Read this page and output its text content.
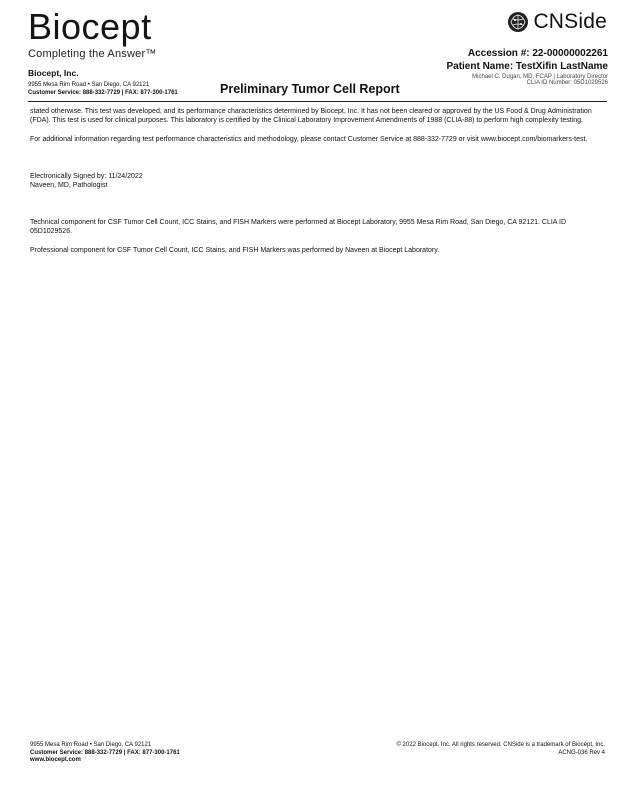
Biocept
Completing the Answer™
Biocept, Inc.
9955 Mesa Rim Road • San Diego, CA 92121
Customer Service: 888-332-7729 | FAX: 877-300-1761	Preliminary Tumor Cell Report
CNSide
Accession #: 22-00000002261
Patient Name: TestXifin LastName
Michael C. Dugan, MD, FCAP | Laboratory Director
CLIA ID Number: 05D1029526

stated otherwise. This test was developed, and its performance characteristics determined by Biocept, Inc. It has not been cleared or approved by the US Food & Drug Administration (FDA). This test is used for clinical purposes. This laboratory is certified by the Clinical Laboratory Improvement Amendments of 1988 (CLIA-88) to perform high complexity testing.

For additional information regarding test performance characteristics and methodology, please contact Customer Service at 888-332-7729 or visit www.biocept.com/biomarkers-test.

Electronically Signed by: 11/24/2022

Naveen, MD, Pathologist

Technical component for CSF Tumor Cell Count, ICC Stains, and FISH Markers were performed at Biocept Laboratory, 9955 Mesa Rim Road, San Diego, CA 92121. CLIA ID 05D1029526.

Professional component for CSF Tumor Cell Count, ICC Stains, and FISH Markers was performed by Naveen at Biocept Laboratory.

9955 Mesa Rim Road • San Diego, CA 92121
Customer Service: 888-332-7729 | FAX: 877-300-1761
www.biocept.com
© 2022 Biocept, Inc. All rights reserved. CNSide is a trademark of Biocept, Inc.
ACNG-036 Rev 4
